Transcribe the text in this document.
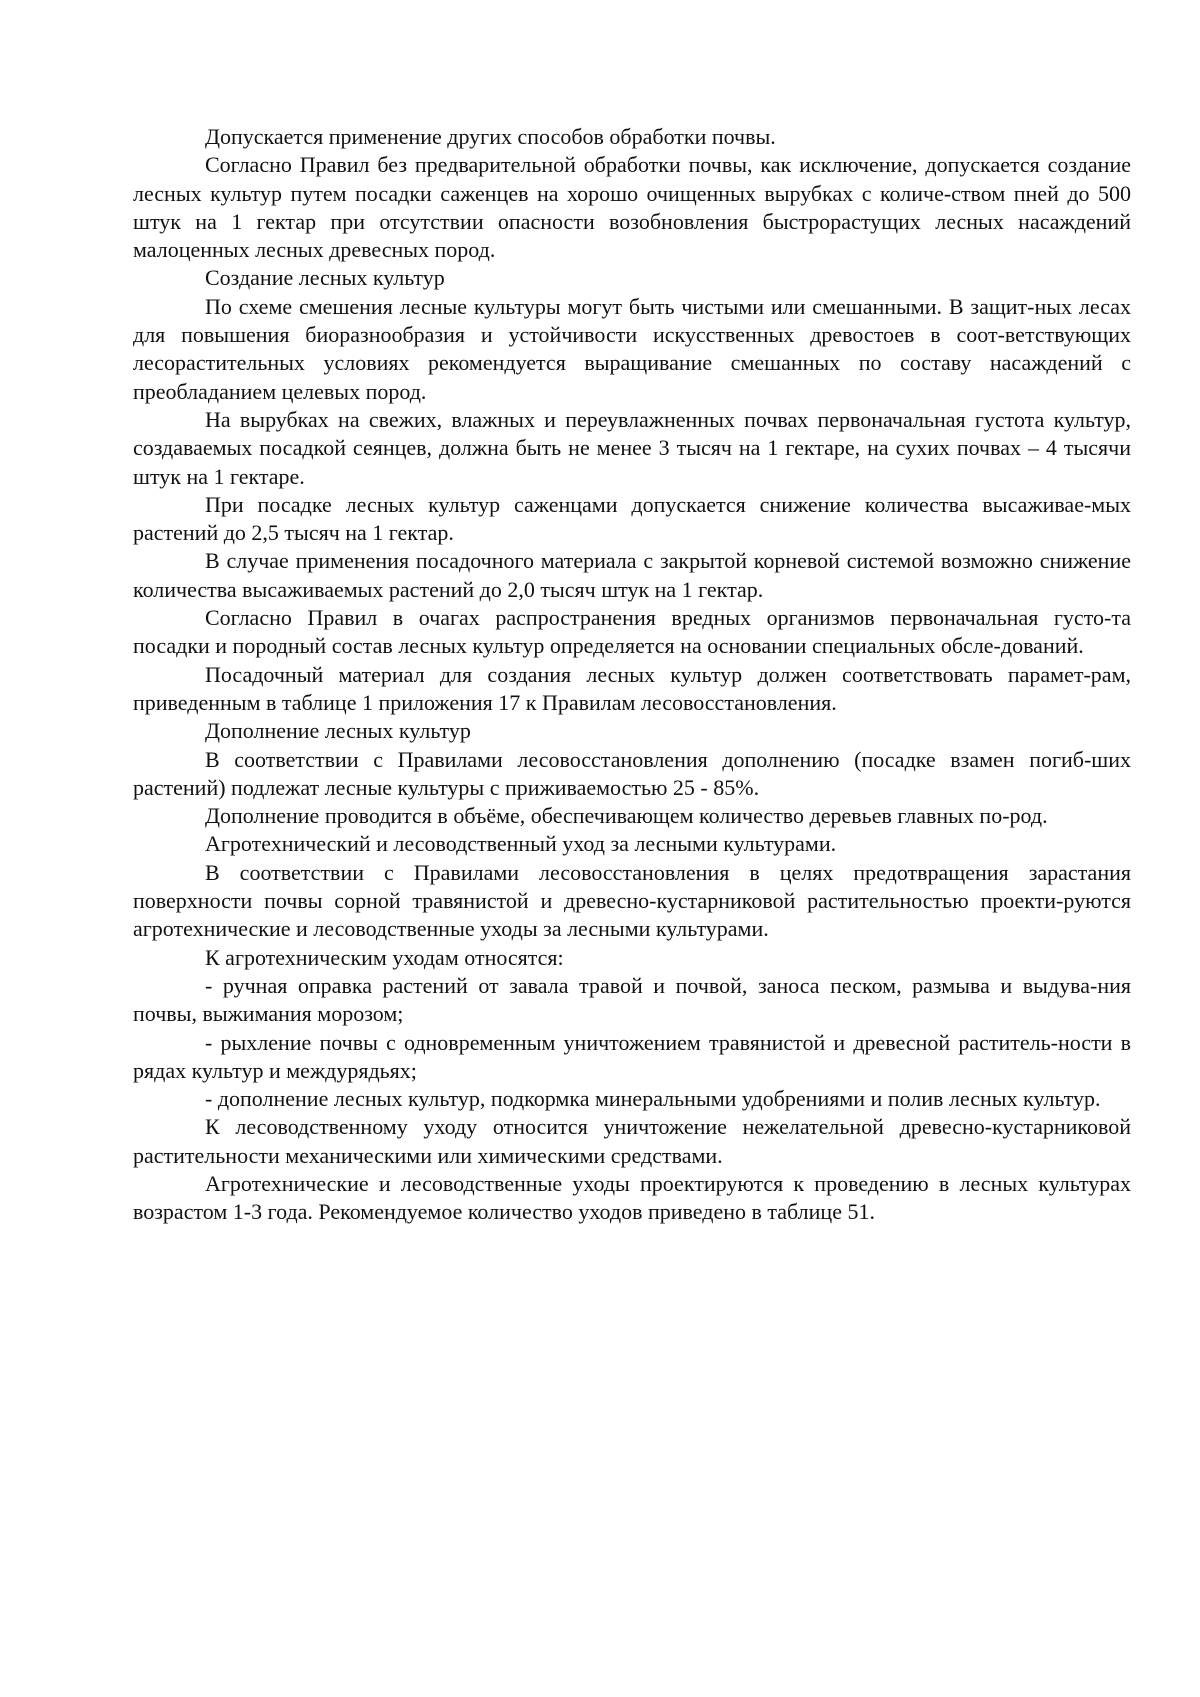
Допускается применение других способов обработки почвы.

Согласно Правил без предварительной обработки почвы, как исключение, допускается создание лесных культур путем посадки саженцев на хорошо очищенных вырубках с количе-ством пней до 500 штук на 1 гектар при отсутствии опасности возобновления быстрорастущих лесных насаждений малоценных лесных древесных пород.

Создание лесных культур

По схеме смешения лесные культуры могут быть чистыми или смешанными. В защит-ных лесах для повышения биоразнообразия и устойчивости искусственных древостоев в соот-ветствующих лесорастительных условиях рекомендуется выращивание смешанных по составу насаждений с преобладанием целевых пород.

На вырубках на свежих, влажных и переувлажненных почвах первоначальная густота культур, создаваемых посадкой сеянцев, должна быть не менее 3 тысяч на 1 гектаре, на сухих почвах – 4 тысячи штук на 1 гектаре.

При посадке лесных культур саженцами допускается снижение количества высаживае-мых растений до 2,5 тысяч на 1 гектар.

В случае применения посадочного материала с закрытой корневой системой возможно снижение количества высаживаемых растений до 2,0 тысяч штук на 1 гектар.

Согласно Правил в очагах распространения вредных организмов первоначальная густо-та посадки и породный состав лесных культур определяется на основании специальных обсле-дований.

Посадочный материал для создания лесных культур должен соответствовать парамет-рам, приведенным в таблице 1 приложения 17 к Правилам лесовосстановления.

Дополнение лесных культур

В соответствии с Правилами лесовосстановления дополнению (посадке взамен погиб-ших растений) подлежат лесные культуры с приживаемостью 25 - 85%.

Дополнение проводится в объёме, обеспечивающем количество деревьев главных по-род.

Агротехнический и лесоводственный уход за лесными культурами.

В соответствии с Правилами лесовосстановления в целях предотвращения зарастания поверхности почвы сорной травянистой и древесно-кустарниковой растительностью проекти-руются агротехнические и лесоводственные уходы за лесными культурами.

К агротехническим уходам относятся:

- ручная оправка растений от завала травой и почвой, заноса песком, размыва и выдува-ния почвы, выжимания морозом;

- рыхление почвы с одновременным уничтожением травянистой и древесной раститель-ности в рядах культур и междурядьях;

- дополнение лесных культур, подкормка минеральными удобрениями и полив лесных культур.

К лесоводственному уходу относится уничтожение нежелательной древесно-кустарниковой растительности механическими или химическими средствами.

Агротехнические и лесоводственные уходы проектируются к проведению в лесных культурах возрастом 1-3 года. Рекомендуемое количество уходов приведено в таблице 51.
